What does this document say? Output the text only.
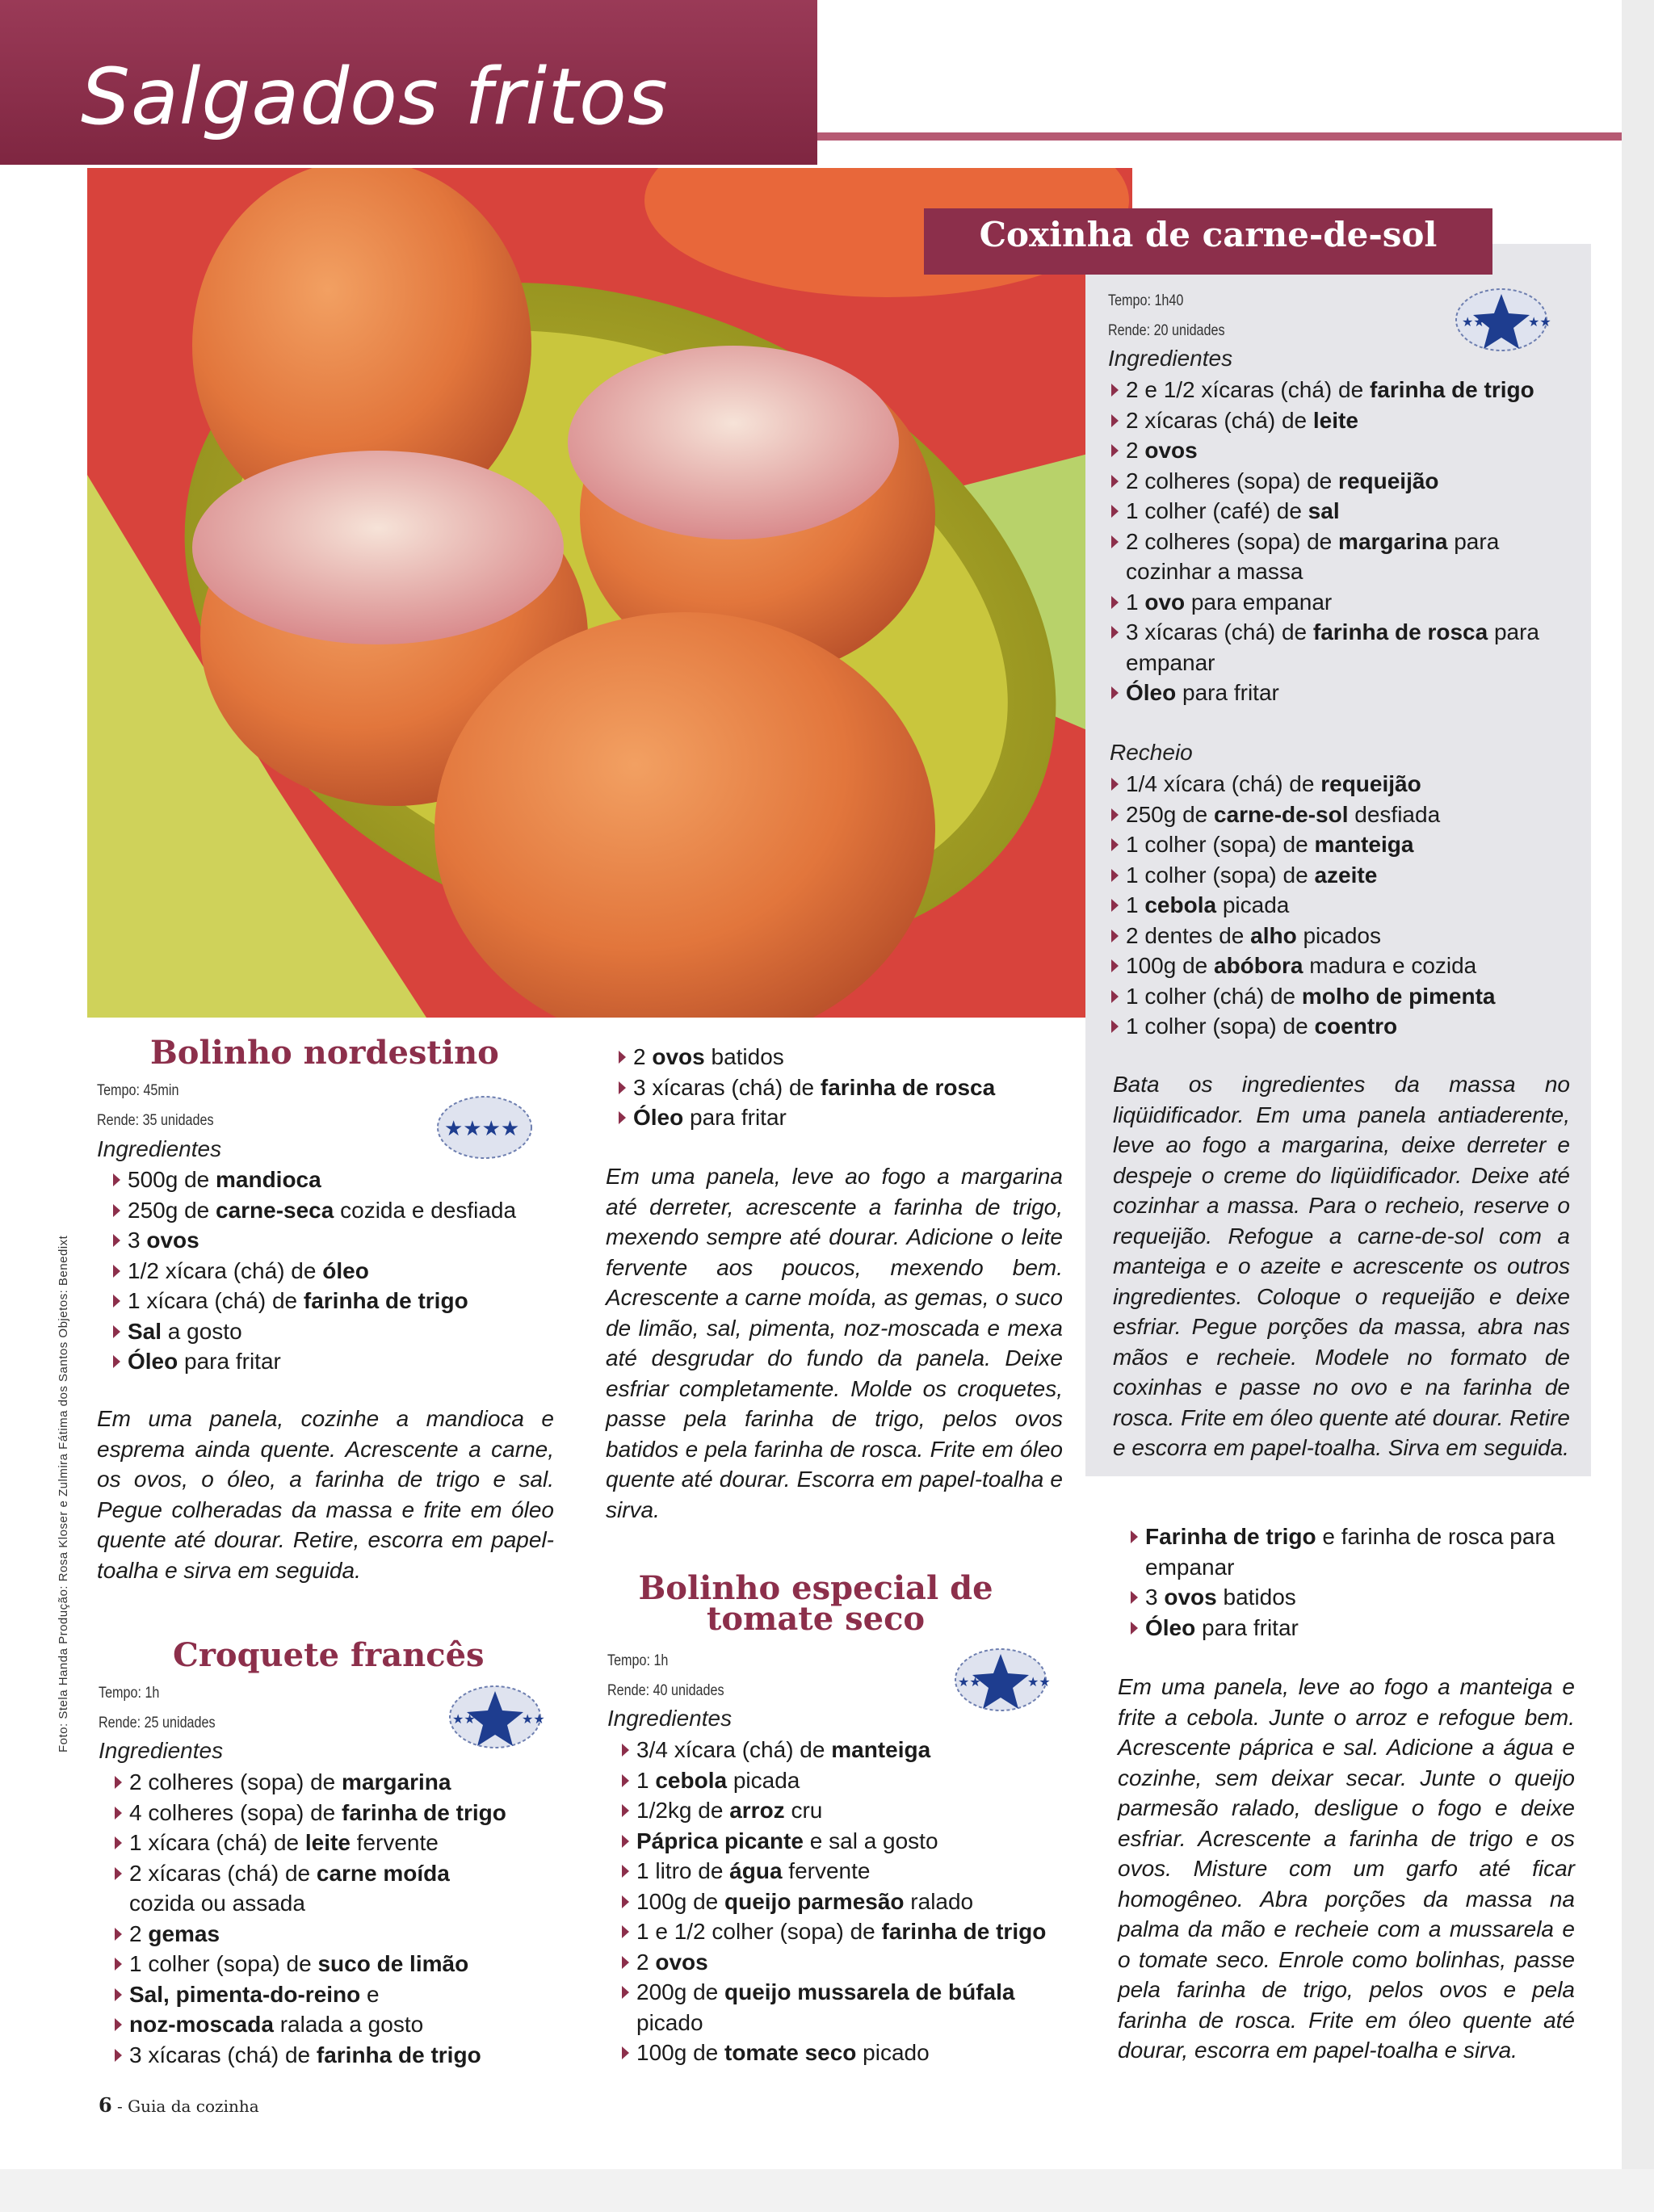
Salgados fritos
Coxinha de carne-de-sol
★★	★★
Tempo: 1h40
Rende: 20 unidades
Ingredientes
2 e 1/2 xícaras (chá) de farinha de trigo
2 xícaras (chá) de leite
2 ovos
2 colheres (sopa) de requeijão
1 colher (café) de sal
2 colheres (sopa) de margarina para cozinhar a massa
1 ovo para empanar
3 xícaras (chá) de farinha de rosca para empanar
Óleo para fritar
Recheio
1/4 xícara (chá) de requeijão
250g de carne-de-sol desfiada
1 colher (sopa) de manteiga
1 colher (sopa) de azeite
1 cebola picada
2 dentes de alho picados
100g de abóbora madura e cozida
1 colher (chá) de molho de pimenta
1 colher (sopa) de coentro
Bata os ingredientes da massa no liqüidificador. Em uma panela antiaderente, leve ao fogo a margarina, deixe derreter e despeje o creme do liqüidificador. Deixe até cozinhar a massa. Para o recheio, reserve o requeijão. Refogue a carne-de-sol com a manteiga e o azeite e acrescente os outros ingredientes. Coloque o requeijão e deixe esfriar. Pegue porções da massa, abra nas mãos e recheie. Modele no formato de coxinhas e passe no ovo e na farinha de rosca. Frite em óleo quente até dourar. Retire e escorra em papel-toalha. Sirva em seguida.
Bolinho nordestino
★★★★
Tempo: 45min
Rende: 35 unidades
Ingredientes
500g de mandioca
250g de carne-seca cozida e desfiada
3 ovos
1/2 xícara (chá) de óleo
1 xícara (chá) de farinha de trigo
Sal a gosto
Óleo para fritar
Em uma panela, cozinhe a mandioca e esprema ainda quente. Acrescente a carne, os ovos, o óleo, a farinha de trigo e sal. Pegue colheradas da massa e frite em óleo quente até dourar. Retire, escorra em papel-toalha e sirva em seguida.
Croquete francês
★★	★★
Tempo: 1h
Rende: 25 unidades
Ingredientes
2 colheres (sopa) de margarina
4 colheres (sopa) de farinha de trigo
1 xícara (chá) de leite fervente
2 xícaras (chá) de carne moída cozida ou assada
2 gemas
1 colher (sopa) de suco de limão
Sal, pimenta-do-reino e
noz-moscada ralada a gosto
3 xícaras (chá) de farinha de trigo
2 ovos batidos
3 xícaras (chá) de farinha de rosca
Óleo para fritar
Em uma panela, leve ao fogo a margarina até derreter, acrescente a farinha de trigo, mexendo sempre até dourar. Adicione o leite fervente aos poucos, mexendo bem. Acrescente a carne moída, as gemas, o suco de limão, sal, pimenta, noz-moscada e mexa até desgrudar do fundo da panela. Deixe esfriar completamente. Molde os croquetes, passe pela farinha de trigo, pelos ovos batidos e pela farinha de rosca. Frite em óleo quente até dourar. Escorra em papel-toalha e sirva.
Bolinho especial de
tomate seco
★★	★★
Tempo: 1h
Rende: 40 unidades
Ingredientes
3/4 xícara (chá) de manteiga
1 cebola picada
1/2kg de arroz cru
Páprica picante e sal a gosto
1 litro de água fervente
100g de queijo parmesão ralado
1 e 1/2 colher (sopa) de farinha de trigo
2 ovos
200g de queijo mussarela de búfala picado
100g de tomate seco picado
Farinha de trigo e farinha de rosca para empanar
3 ovos batidos
Óleo para fritar
Em uma panela, leve ao fogo a manteiga e frite a cebola. Junte o arroz e refogue bem. Acrescente páprica e sal. Adicione a água e cozinhe, sem deixar secar. Junte o queijo parmesão ralado, desligue o fogo e deixe esfriar. Acrescente a farinha de trigo e os ovos. Misture com um garfo até ficar homogêneo. Abra porções da massa na palma da mão e recheie com a mussarela e o tomate seco. Enrole como bolinhas, passe pela farinha de trigo, pelos ovos e pela farinha de rosca. Frite em óleo quente até dourar, escorra em papel-toalha e sirva.
Foto: Stela Handa Produção: Rosa Kloser e Zulmira Fátima dos Santos Objetos: Benedixt
6 - Guia da cozinha
